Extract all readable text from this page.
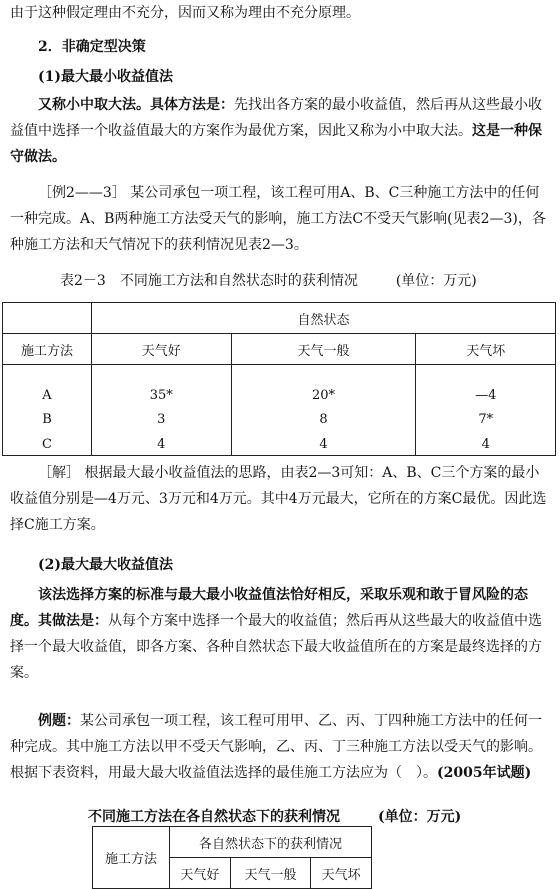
由于这种假定理由不充分，因而又称为理由不充分原理。
2．非确定型决策
(1)最大最小收益值法
又称小中取大法。具体方法是：先找出各方案的最小收益值，然后再从这些最小收益值中选择一个收益值最大的方案作为最优方案，因此又称为小中取大法。这是一种保守做法。
［例2——3］ 某公司承包一项工程，该工程可用A、B、C三种施工方法中的任何一种完成。A、B两种施工方法受天气的影响，施工方法C不受天气影响(见表2—3)，各种施工方法和天气情况下的获利情况见表2—3。
表2－3　不同施工方法和自然状态时的获利情况	(单位：万元)
	自然状态		
施工方法	天气好	天气一般	天气坏

A	35*	20*	—4
B	3	8	7*
C	4	4	4
［解］ 根据最大最小收益值法的思路，由表2—3可知：A、B、C三个方案的最小收益值分别是—4万元、3万元和4万元。其中4万元最大，它所在的方案C最优。因此选择C施工方案。
(2)最大最大收益值法
该法选择方案的标准与最大最小收益值法恰好相反，采取乐观和敢于冒风险的态度。其做法是：从每个方案中选择一个最大的收益值；然后再从这些最大的收益值中选择一个最大收益值，即各方案、各种自然状态下最大收益值所在的方案是最终选择的方案。
例题：某公司承包一项工程，该工程可用甲、乙、丙、丁四种施工方法中的任何一种完成。其中施工方法以甲不受天气影响，乙、丙、丁三种施工方法以受天气的影响。根据下表资料，用最大最大收益值法选择的最佳施工方法应为（　）。(2005年试题)
不同施工方法在各自然状态下的获利情况	(单位：万元)
施工方法	各自然状态下的获利情况		
	天气好	天气一般	天气坏
